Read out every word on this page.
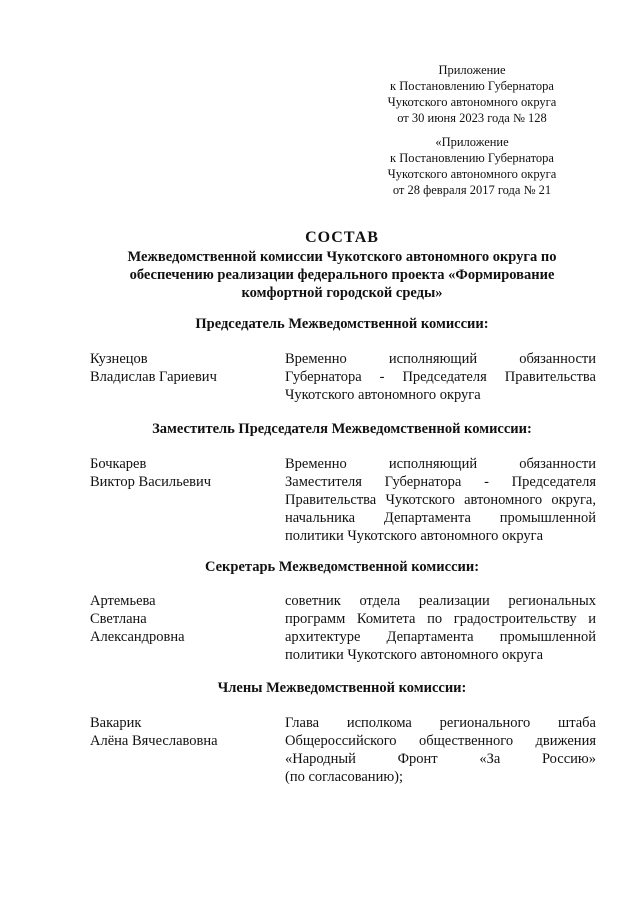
Приложение
к Постановлению Губернатора
Чукотского автономного округа
от 30 июня 2023 года № 128
«Приложение
к Постановлению Губернатора
Чукотского автономного округа
от 28 февраля 2017 года № 21
СОСТАВ
Межведомственной комиссии Чукотского автономного округа по
обеспечению реализации федерального проекта «Формирование
комфортной городской среды»
Председатель Межведомственной комиссии:
Кузнецов
Владислав Гариевич
Временно исполняющий обязанности
Губернатора - Председателя Правительства
Чукотского автономного округа
Заместитель Председателя Межведомственной комиссии:
Бочкарев
Виктор Васильевич
Временно исполняющий обязанности
Заместителя Губернатора - Председателя
Правительства Чукотского автономного округа,
начальника Департамента промышленной
политики Чукотского автономного округа
Секретарь Межведомственной комиссии:
Артемьева
Светлана
Александровна
советник отдела реализации региональных
программ Комитета по градостроительству и
архитектуре Департамента промышленной
политики Чукотского автономного округа
Члены Межведомственной комиссии:
Вакарик
Алёна Вячеславовна
Глава исполкома регионального штаба
Общероссийского общественного движения
«Народный Фронт «За Россию»
(по согласованию);
